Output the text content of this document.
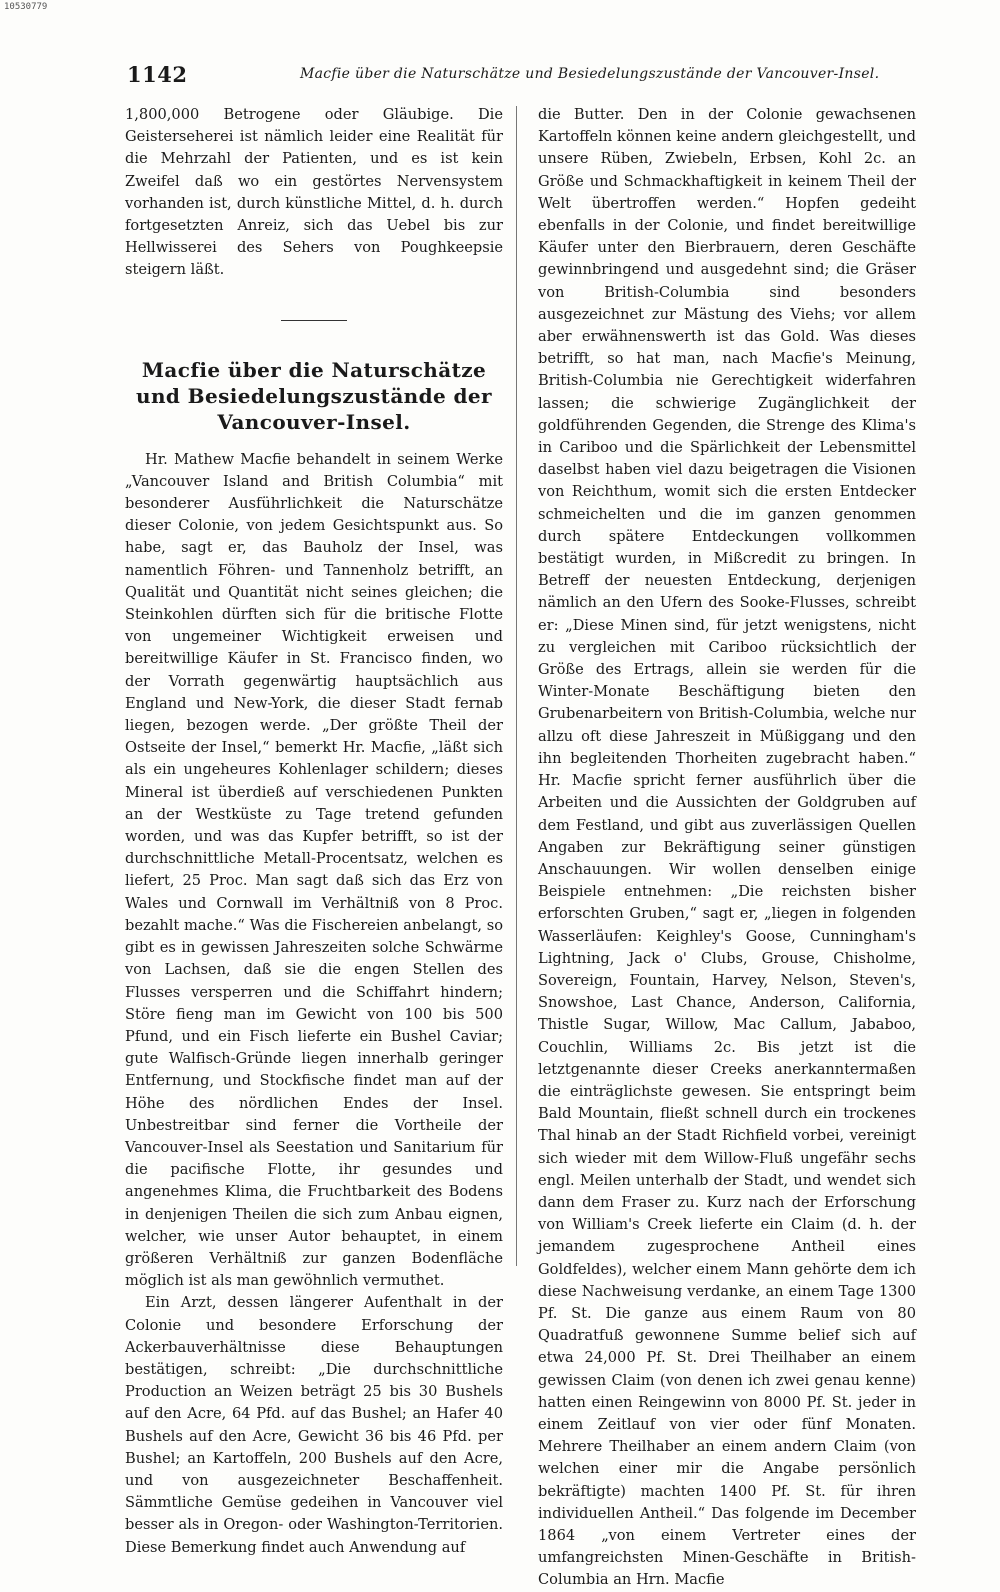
10530779
1142	Macfie über die Naturschätze und Besiedelungszustände der Vancouver-Insel.

1,800,000 Betrogene oder Gläubige. Die Geisterseherei ist nämlich leider eine Realität für die Mehrzahl der Patienten, und es ist kein Zweifel daß wo ein gestörtes Nervensystem vorhanden ist, durch künstliche Mittel, d. h. durch fortgesetzten Anreiz, sich das Uebel bis zur Hellwisserei des Sehers von Poughkeepsie steigern läßt.

Macfie über die Naturschätze und Besiedelungszustände der Vancouver-Insel.

Hr. Mathew Macfie behandelt in seinem Werke „Vancouver Island and British Columbia“ mit besonderer Ausführlichkeit die Naturschätze dieser Colonie, von jedem Gesichtspunkt aus. So habe, sagt er, das Bauholz der Insel, was namentlich Föhren- und Tannenholz betrifft, an Qualität und Quantität nicht seines gleichen; die Steinkohlen dürften sich für die britische Flotte von ungemeiner Wichtigkeit erweisen und bereitwillige Käufer in St. Francisco finden, wo der Vorrath gegenwärtig hauptsächlich aus England und New-York, die dieser Stadt fernab liegen, bezogen werde. „Der größte Theil der Ostseite der Insel,“ bemerkt Hr. Macfie, „läßt sich als ein ungeheures Kohlenlager schildern; dieses Mineral ist überdieß auf verschiedenen Punkten an der Westküste zu Tage tretend gefunden worden, und was das Kupfer betrifft, so ist der durchschnittliche Metall-Procentsatz, welchen es liefert, 25 Proc. Man sagt daß sich das Erz von Wales und Cornwall im Verhältniß von 8 Proc. bezahlt mache.“ Was die Fischereien anbelangt, so gibt es in gewissen Jahreszeiten solche Schwärme von Lachsen, daß sie die engen Stellen des Flusses versperren und die Schiffahrt hindern; Störe fieng man im Gewicht von 100 bis 500 Pfund, und ein Fisch lieferte ein Bushel Caviar; gute Walfisch-Gründe liegen innerhalb geringer Entfernung, und Stockfische findet man auf der Höhe des nördlichen Endes der Insel. Unbestreitbar sind ferner die Vortheile der Vancouver-Insel als Seestation und Sanitarium für die pacifische Flotte, ihr gesundes und angenehmes Klima, die Fruchtbarkeit des Bodens in denjenigen Theilen die sich zum Anbau eignen, welcher, wie unser Autor behauptet, in einem größeren Verhältniß zur ganzen Bodenfläche möglich ist als man gewöhnlich vermuthet.

Ein Arzt, dessen längerer Aufenthalt in der Colonie und besondere Erforschung der Ackerbauverhältnisse diese Behauptungen bestätigen, schreibt: „Die durchschnittliche Production an Weizen beträgt 25 bis 30 Bushels auf den Acre, 64 Pfd. auf das Bushel; an Hafer 40 Bushels auf den Acre, Gewicht 36 bis 46 Pfd. per Bushel; an Kartoffeln, 200 Bushels auf den Acre, und von ausgezeichneter Beschaffenheit. Sämmtliche Gemüse gedeihen in Vancouver viel besser als in Oregon- oder Washington-Territorien. Diese Bemerkung findet auch Anwendung auf

die Butter. Den in der Colonie gewachsenen Kartoffeln können keine andern gleichgestellt, und unsere Rüben, Zwiebeln, Erbsen, Kohl 2c. an Größe und Schmackhaftigkeit in keinem Theil der Welt übertroffen werden.“ Hopfen gedeiht ebenfalls in der Colonie, und findet bereitwillige Käufer unter den Bierbrauern, deren Geschäfte gewinnbringend und ausgedehnt sind; die Gräser von British-Columbia sind besonders ausgezeichnet zur Mästung des Viehs; vor allem aber erwähnenswerth ist das Gold. Was dieses betrifft, so hat man, nach Macfie's Meinung, British-Columbia nie Gerechtigkeit widerfahren lassen; die schwierige Zugänglichkeit der goldführenden Gegenden, die Strenge des Klima's in Cariboo und die Spärlichkeit der Lebensmittel daselbst haben viel dazu beigetragen die Visionen von Reichthum, womit sich die ersten Entdecker schmeichelten und die im ganzen genommen durch spätere Entdeckungen vollkommen bestätigt wurden, in Mißcredit zu bringen. In Betreff der neuesten Entdeckung, derjenigen nämlich an den Ufern des Sooke-Flusses, schreibt er: „Diese Minen sind, für jetzt wenigstens, nicht zu vergleichen mit Cariboo rücksichtlich der Größe des Ertrags, allein sie werden für die Winter-Monate Beschäftigung bieten den Grubenarbeitern von British-Columbia, welche nur allzu oft diese Jahreszeit in Müßiggang und den ihn begleitenden Thorheiten zugebracht haben.“ Hr. Macfie spricht ferner ausführlich über die Arbeiten und die Aussichten der Goldgruben auf dem Festland, und gibt aus zuverlässigen Quellen Angaben zur Bekräftigung seiner günstigen Anschauungen. Wir wollen denselben einige Beispiele entnehmen: „Die reichsten bisher erforschten Gruben,“ sagt er, „liegen in folgenden Wasserläufen: Keighley's Goose, Cunningham's Lightning, Jack o' Clubs, Grouse, Chisholme, Sovereign, Fountain, Harvey, Nelson, Steven's, Snowshoe, Last Chance, Anderson, California, Thistle Sugar, Willow, Mac Callum, Jababoo, Couchlin, Williams 2c. Bis jetzt ist die letztgenannte dieser Creeks anerkanntermaßen die einträglichste gewesen. Sie entspringt beim Bald Mountain, fließt schnell durch ein trockenes Thal hinab an der Stadt Richfield vorbei, vereinigt sich wieder mit dem Willow-Fluß ungefähr sechs engl. Meilen unterhalb der Stadt, und wendet sich dann dem Fraser zu. Kurz nach der Erforschung von William's Creek lieferte ein Claim (d. h. der jemandem zugesprochene Antheil eines Goldfeldes), welcher einem Mann gehörte dem ich diese Nachweisung verdanke, an einem Tage 1300 Pf. St. Die ganze aus einem Raum von 80 Quadratfuß gewonnene Summe belief sich auf etwa 24,000 Pf. St. Drei Theilhaber an einem gewissen Claim (von denen ich zwei genau kenne) hatten einen Reingewinn von 8000 Pf. St. jeder in einem Zeitlauf von vier oder fünf Monaten. Mehrere Theilhaber an einem andern Claim (von welchen einer mir die Angabe persönlich bekräftigte) machten 1400 Pf. St. für ihren individuellen Antheil.“ Das folgende im December 1864 „von einem Vertreter eines der umfangreichsten Minen-Geschäfte in British-Columbia an Hrn. Macfie
